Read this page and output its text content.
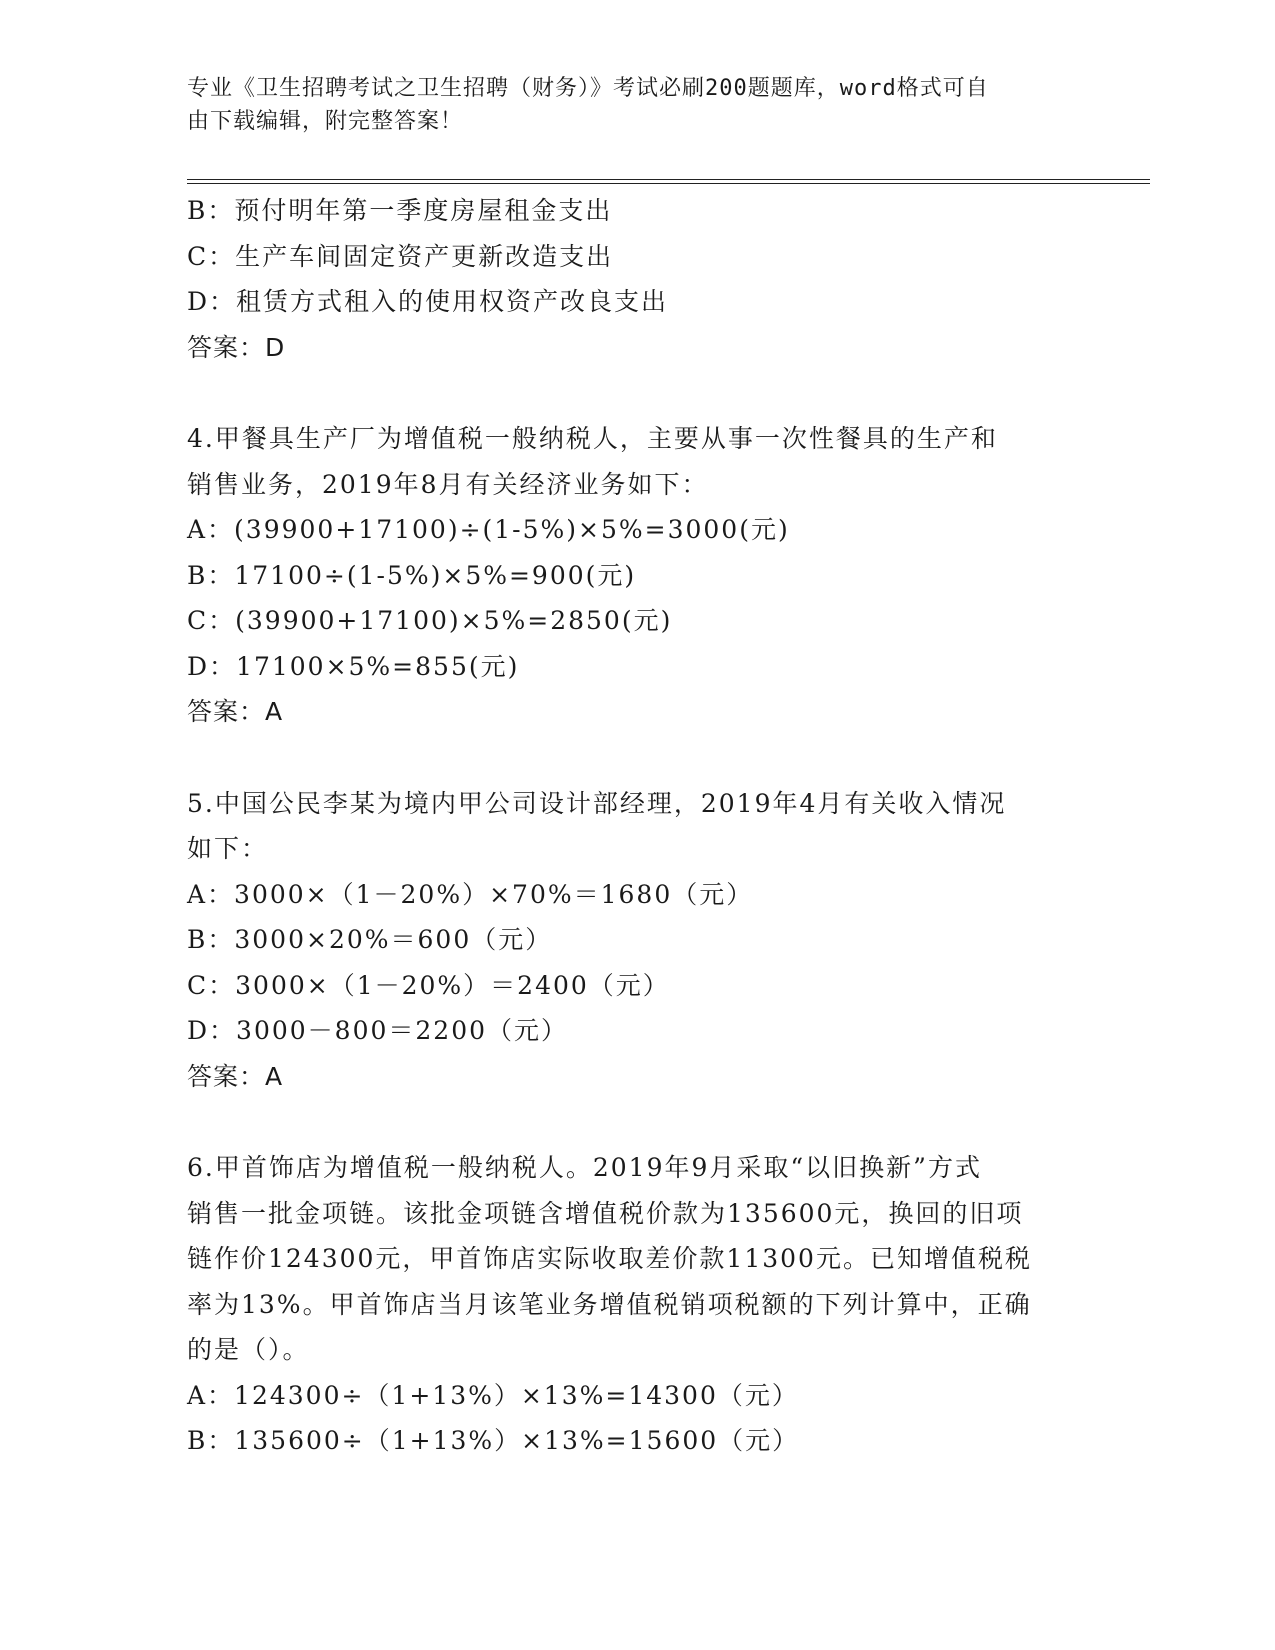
专业《卫生招聘考试之卫生招聘（财务）》考试必刷200题题库，word格式可自
由下载编辑，附完整答案！
B：预付明年第一季度房屋租金支出
C：生产车间固定资产更新改造支出
D：租赁方式租入的使用权资产改良支出
答案：D
4.甲餐具生产厂为增值税一般纳税人，主要从事一次性餐具的生产和
销售业务，2019年8月有关经济业务如下：
A：(39900+17100)÷(1-5%)×5%=3000(元)
B：17100÷(1-5%)×5%=900(元)
C：(39900+17100)×5%=2850(元)
D：17100×5%=855(元)
答案：A
5.中国公民李某为境内甲公司设计部经理，2019年4月有关收入情况
如下：
A：3000×（1－20%）×70%＝1680（元）
B：3000×20%＝600（元）
C：3000×（1－20%）＝2400（元）
D：3000－800＝2200（元）
答案：A
6.甲首饰店为增值税一般纳税人。2019年9月采取“以旧换新”方式
销售一批金项链。该批金项链含增值税价款为135600元，换回的旧项
链作价124300元，甲首饰店实际收取差价款11300元。已知增值税税
率为13%。甲首饰店当月该笔业务增值税销项税额的下列计算中，正确
的是（）。
A：124300÷（1+13%）×13%=14300（元）
B：135600÷（1+13%）×13%=15600（元）
